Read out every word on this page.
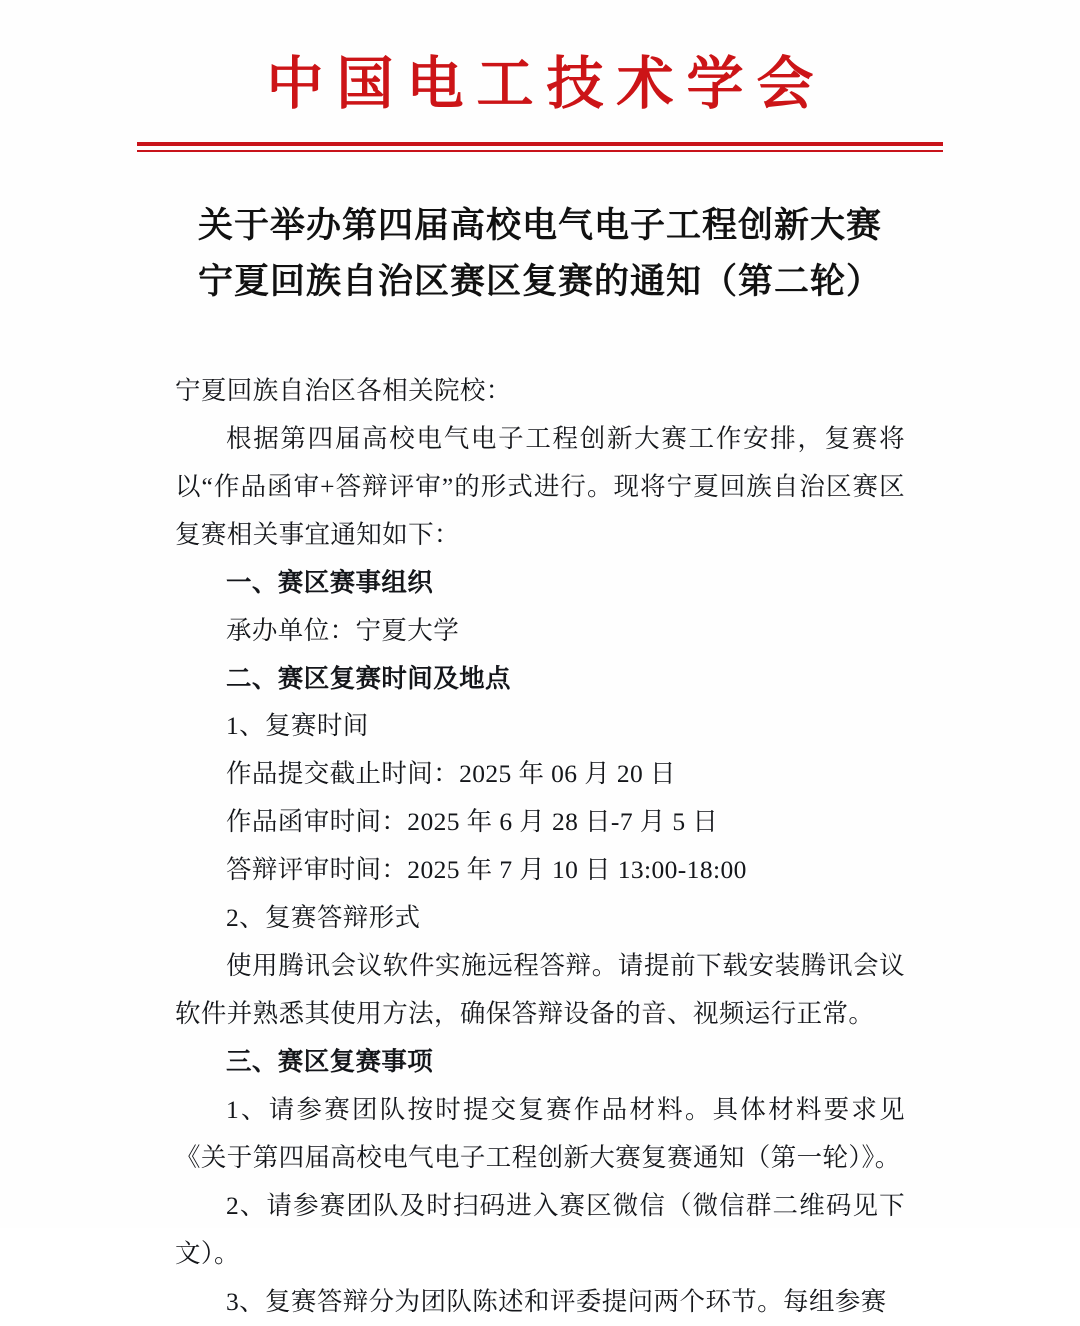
中国电工技术学会
关于举办第四届高校电气电子工程创新大赛
宁夏回族自治区赛区复赛的通知（第二轮）

宁夏回族自治区各相关院校：

根据第四届高校电气电子工程创新大赛工作安排，复赛将以“作品函审+答辩评审”的形式进行。现将宁夏回族自治区赛区复赛相关事宜通知如下：

一、赛区赛事组织

承办单位：宁夏大学

二、赛区复赛时间及地点

1、复赛时间

作品提交截止时间：2025 年 06 月 20 日

作品函审时间：2025 年 6 月 28 日-7 月 5 日

答辩评审时间：2025 年 7 月 10 日 13:00-18:00

2、复赛答辩形式

使用腾讯会议软件实施远程答辩。请提前下载安装腾讯会议软件并熟悉其使用方法，确保答辩设备的音、视频运行正常。

三、赛区复赛事项

1、请参赛团队按时提交复赛作品材料。具体材料要求见《关于第四届高校电气电子工程创新大赛复赛通知（第一轮）》。

2、请参赛团队及时扫码进入赛区微信（微信群二维码见下文）。

3、复赛答辩分为团队陈述和评委提问两个环节。每组参赛
